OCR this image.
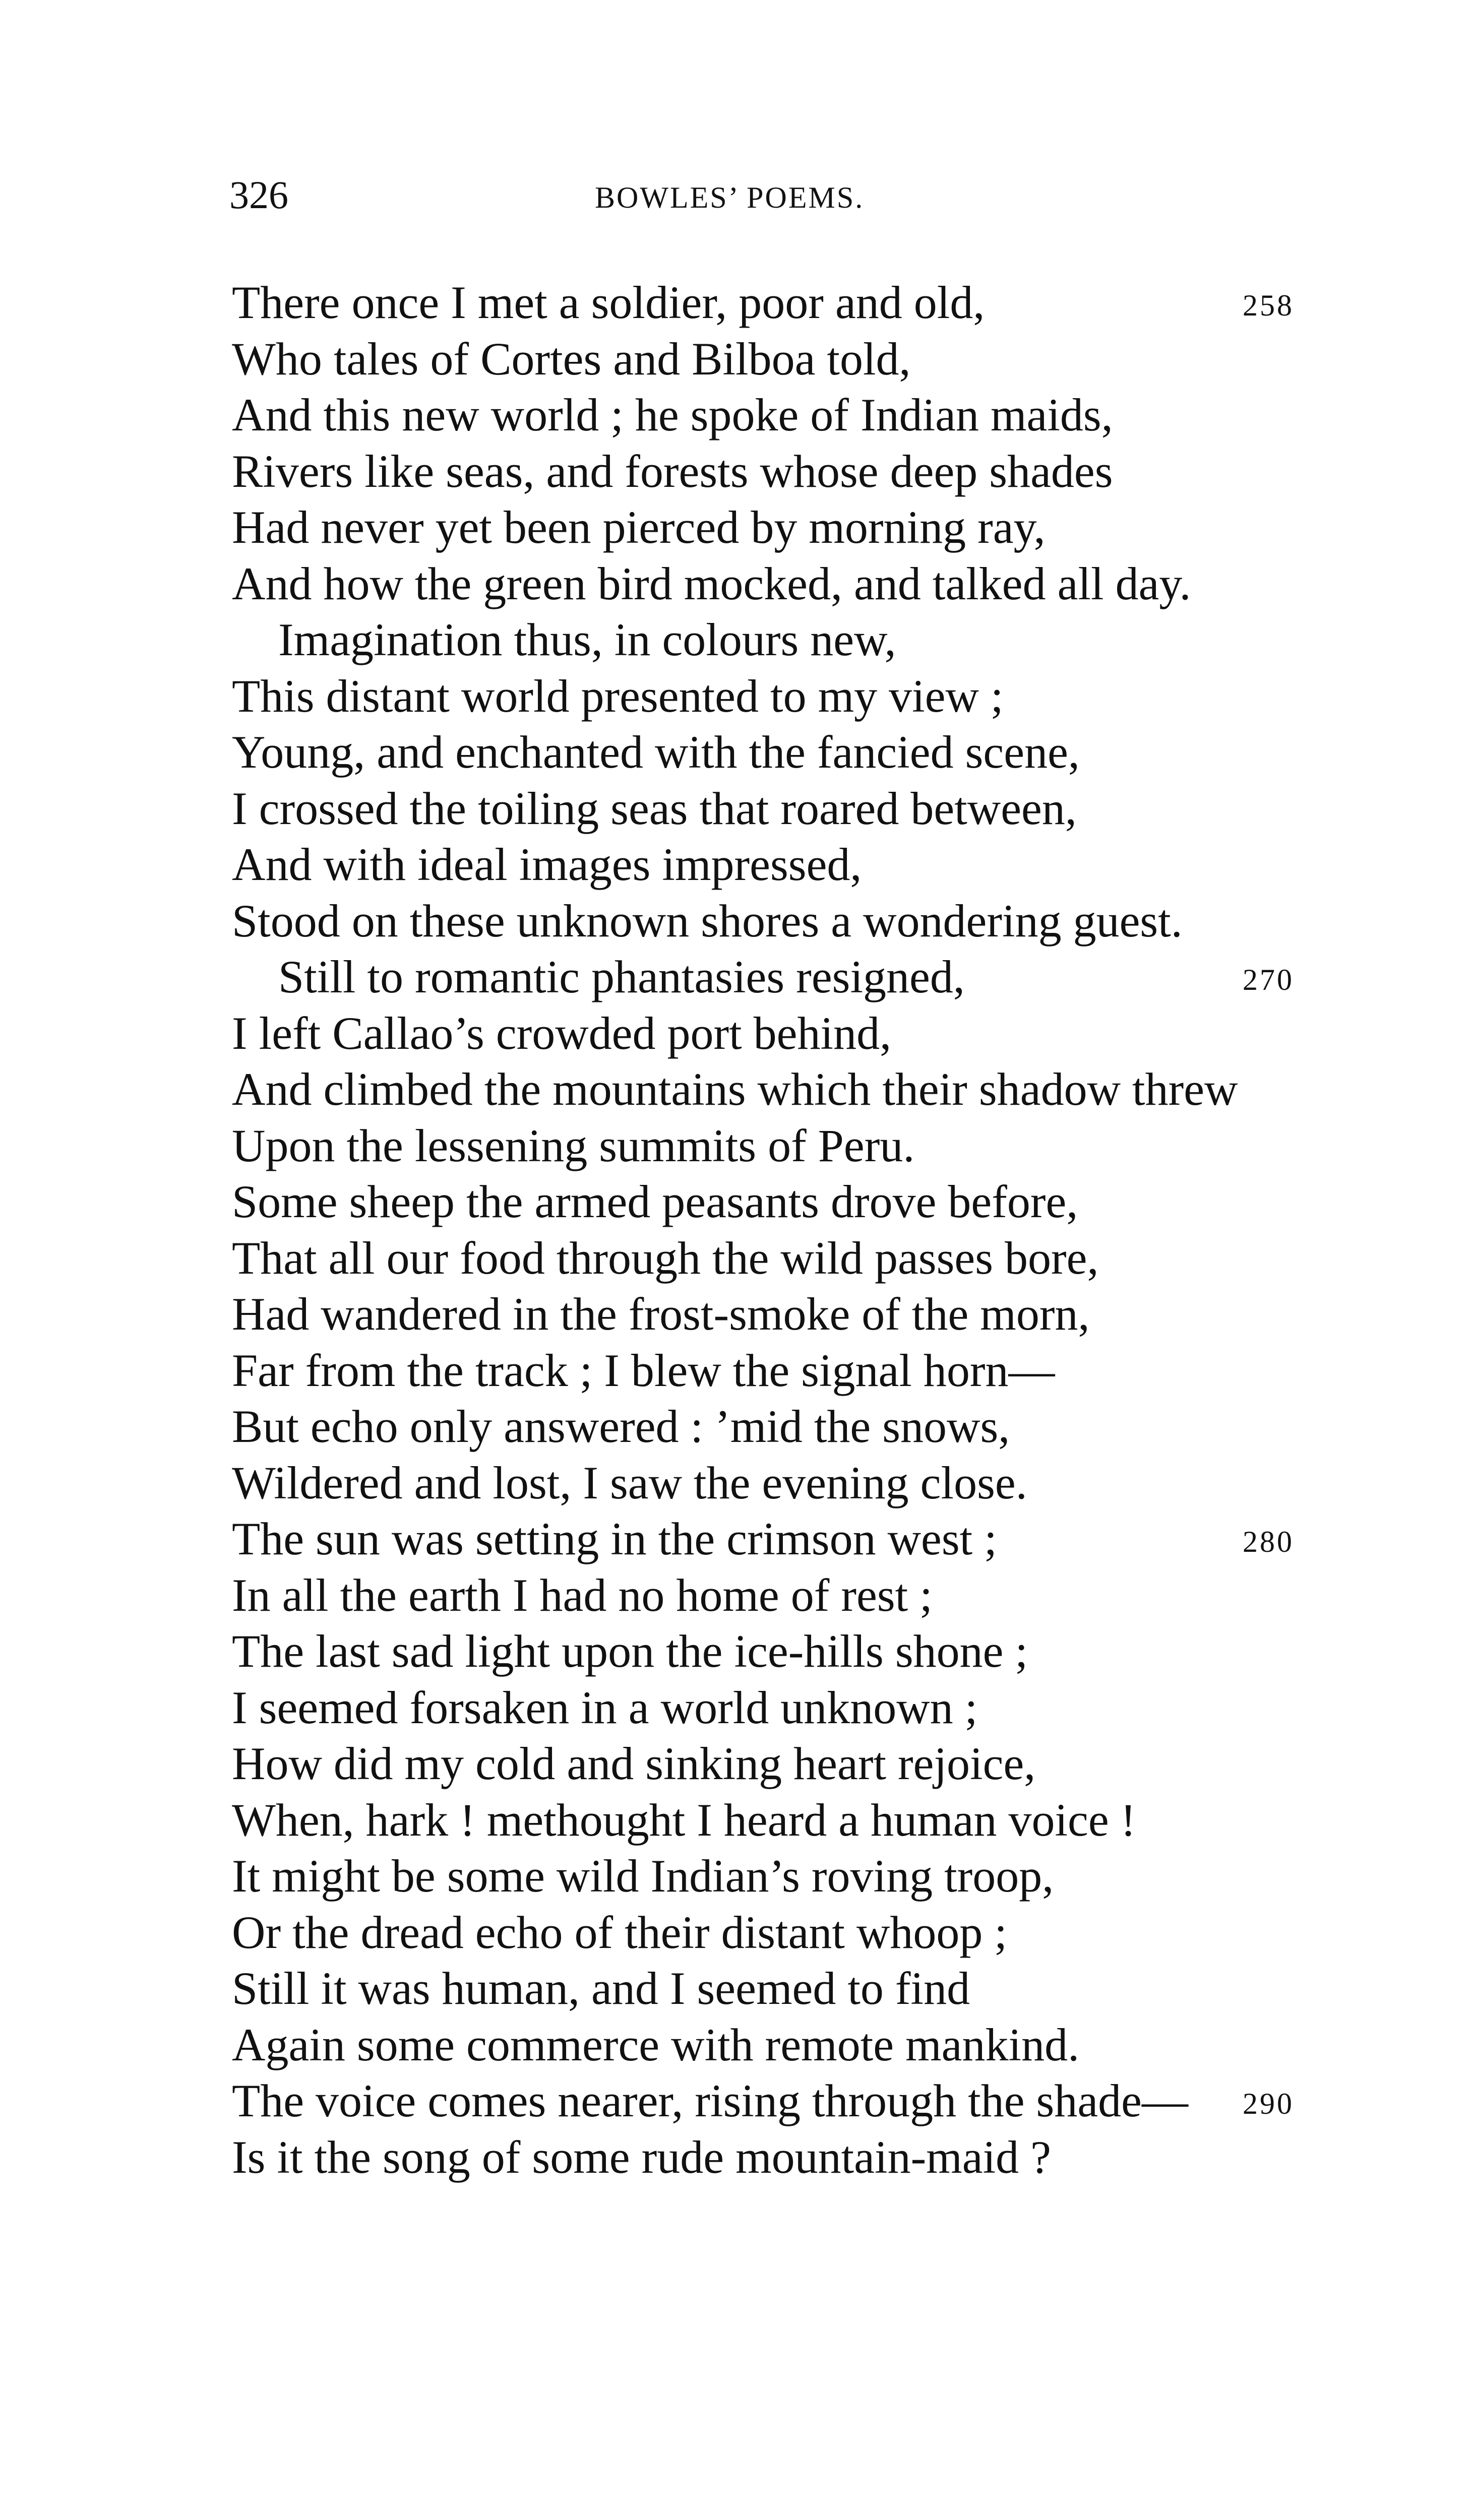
326	BOWLES’ POEMS.
There once I met a soldier, poor and old,	258
Who tales of Cortes and Bilboa told,
And this new world ; he spoke of Indian maids,
Rivers like seas, and forests whose deep shades
Had never yet been pierced by morning ray,
And how the green bird mocked, and talked all day.
Imagination thus, in colours new,
This distant world presented to my view ;
Young, and enchanted with the fancied scene,
I crossed the toiling seas that roared between,
And with ideal images impressed,
Stood on these unknown shores a wondering guest.
Still to romantic phantasies resigned,	270
I left Callao’s crowded port behind,
And climbed the mountains which their shadow threw
Upon the lessening summits of Peru.
Some sheep the armed peasants drove before,
That all our food through the wild passes bore,
Had wandered in the frost-smoke of the morn,
Far from the track ; I blew the signal horn—
But echo only answered : ’mid the snows,
Wildered and lost, I saw the evening close.
The sun was setting in the crimson west ;	280
In all the earth I had no home of rest ;
The last sad light upon the ice-hills shone ;
I seemed forsaken in a world unknown ;
How did my cold and sinking heart rejoice,
When, hark ! methought I heard a human voice !
It might be some wild Indian’s roving troop,
Or the dread echo of their distant whoop ;
Still it was human, and I seemed to find
Again some commerce with remote mankind.
The voice comes nearer, rising through the shade— 290
Is it the song of some rude mountain-maid ?
